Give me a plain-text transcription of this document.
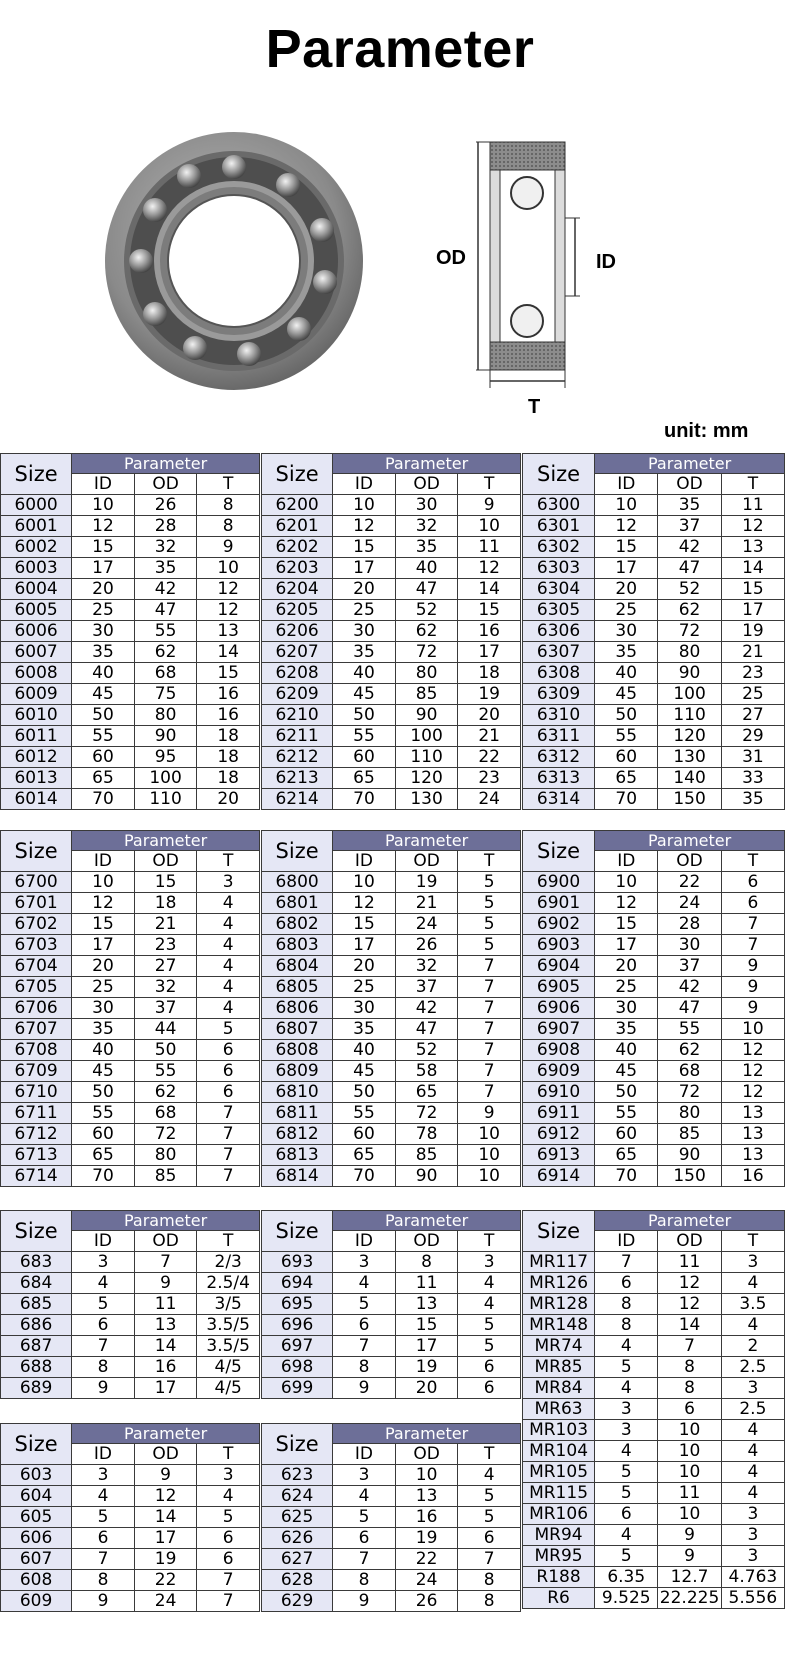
Parameter
OD	ID
T
unit: mm
Size	Parameter		
	ID	OD	T
6000	10	26	8
6001	12	28	8
6002	15	32	9
6003	17	35	10
6004	20	42	12
6005	25	47	12
6006	30	55	13
6007	35	62	14
6008	40	68	15
6009	45	75	16
6010	50	80	16
6011	55	90	18
6012	60	95	18
6013	65	100	18
6014	70	110	20
Size	Parameter		
	ID	OD	T
6200	10	30	9
6201	12	32	10
6202	15	35	11
6203	17	40	12
6204	20	47	14
6205	25	52	15
6206	30	62	16
6207	35	72	17
6208	40	80	18
6209	45	85	19
6210	50	90	20
6211	55	100	21
6212	60	110	22
6213	65	120	23
6214	70	130	24
Size	Parameter		
	ID	OD	T
6300	10	35	11
6301	12	37	12
6302	15	42	13
6303	17	47	14
6304	20	52	15
6305	25	62	17
6306	30	72	19
6307	35	80	21
6308	40	90	23
6309	45	100	25
6310	50	110	27
6311	55	120	29
6312	60	130	31
6313	65	140	33
6314	70	150	35
Size	Parameter		
	ID	OD	T
6700	10	15	3
6701	12	18	4
6702	15	21	4
6703	17	23	4
6704	20	27	4
6705	25	32	4
6706	30	37	4
6707	35	44	5
6708	40	50	6
6709	45	55	6
6710	50	62	6
6711	55	68	7
6712	60	72	7
6713	65	80	7
6714	70	85	7
Size	Parameter		
	ID	OD	T
6800	10	19	5
6801	12	21	5
6802	15	24	5
6803	17	26	5
6804	20	32	7
6805	25	37	7
6806	30	42	7
6807	35	47	7
6808	40	52	7
6809	45	58	7
6810	50	65	7
6811	55	72	9
6812	60	78	10
6813	65	85	10
6814	70	90	10
Size	Parameter		
	ID	OD	T
6900	10	22	6
6901	12	24	6
6902	15	28	7
6903	17	30	7
6904	20	37	9
6905	25	42	9
6906	30	47	9
6907	35	55	10
6908	40	62	12
6909	45	68	12
6910	50	72	12
6911	55	80	13
6912	60	85	13
6913	65	90	13
6914	70	150	16
Size	Parameter		
	ID	OD	T
683	3	7	2/3
684	4	9	2.5/4
685	5	11	3/5
686	6	13	3.5/5
687	7	14	3.5/5
688	8	16	4/5
689	9	17	4/5
Size	Parameter		
	ID	OD	T
693	3	8	3
694	4	11	4
695	5	13	4
696	6	15	5
697	7	17	5
698	8	19	6
699	9	20	6
Size	Parameter		
	ID	OD	T
MR117	7	11	3
MR126	6	12	4
MR128	8	12	3.5
MR148	8	14	4
MR74	4	7	2
MR85	5	8	2.5
MR84	4	8	3
MR63	3	6	2.5
MR103	3	10	4
MR104	4	10	4
MR105	5	10	4
MR115	5	11	4
MR106	6	10	3
MR94	4	9	3
MR95	5	9	3
R188	6.35	12.7	4.763
R6	9.525	22.225	5.556
Size	Parameter		
	ID	OD	T
603	3	9	3
604	4	12	4
605	5	14	5
606	6	17	6
607	7	19	6
608	8	22	7
609	9	24	7
Size	Parameter		
	ID	OD	T
623	3	10	4
624	4	13	5
625	5	16	5
626	6	19	6
627	7	22	7
628	8	24	8
629	9	26	8
